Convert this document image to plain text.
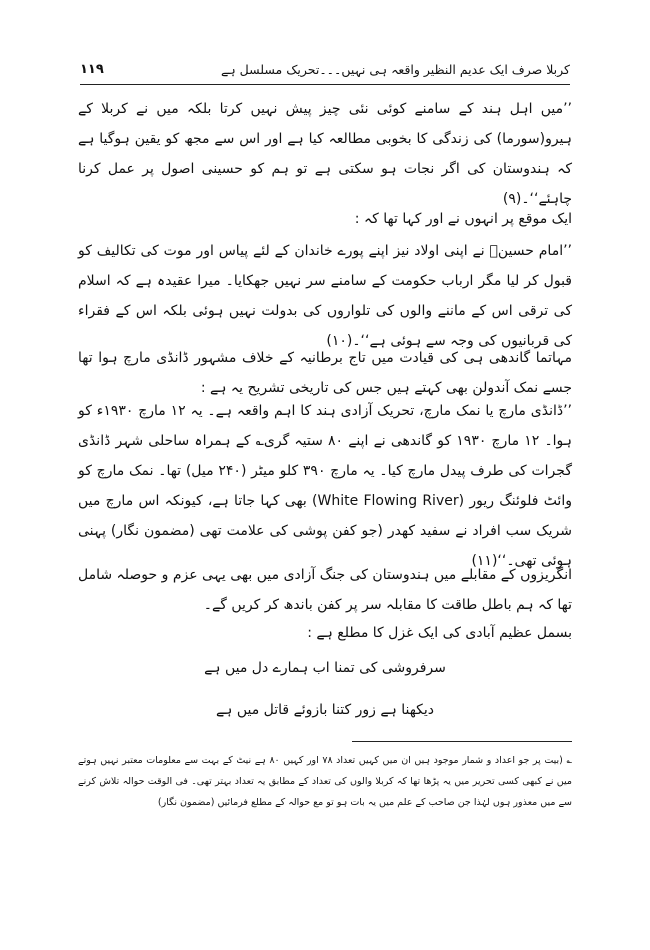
کربلا صرف ایک عدیم النظیر واقعہ ہی نہیں۔۔۔تحریک مسلسل ہے
۱۱۹

’’میں اہل ہند کے سامنے کوئی نئی چیز پیش نہیں کرتا بلکہ میں نے کربلا کے ہیرو(سورما) کی زندگی کا بخوبی مطالعہ کیا ہے اور اس سے مجھ کو یقین ہوگیا ہے کہ ہندوستان کی اگر نجات ہو سکتی ہے تو ہم کو حسینی اصول پر عمل کرنا چاہئے‘‘۔(۹)

ایک موقع پر انہوں نے اور کہا تھا کہ :

’’امام حسینؑ نے اپنی اولاد نیز اپنے پورے خاندان کے لئے پیاس اور موت کی تکالیف کو قبول کر لیا مگر ارباب حکومت کے سامنے سر نہیں جھکایا۔ میرا عقیدہ ہے کہ اسلام کی ترقی اس کے ماننے والوں کی تلواروں کی بدولت نہیں ہوئی بلکہ اس کے فقراء کی قربانیوں کی وجہ سے ہوئی ہے‘‘۔(۱۰)

مہاتما گاندھی ہی کی قیادت میں تاج برطانیہ کے خلاف مشہور ڈانڈی مارچ ہوا تھا جسے نمک آندولن بھی کہتے ہیں جس کی تاریخی تشریح یہ ہے :

’’ڈانڈی مارچ یا نمک مارچ، تحریک آزادی ہند کا اہم واقعہ ہے۔ یہ ۱۲ مارچ ۱۹۳۰ء کو ہوا۔ ۱۲ مارچ ۱۹۳۰ کو گاندھی نے اپنے ۸۰ ستیہ گری؎ کے ہمراہ ساحلی شہر ڈانڈی گجرات کی طرف پیدل مارچ کیا۔ یہ مارچ ۳۹۰ کلو میٹر (۲۴۰ میل) تھا۔ نمک مارچ کو وائٹ فلوئنگ ریور (White Flowing River) بھی کہا جاتا ہے، کیونکہ اس مارچ میں شریک سب افراد نے سفید کھدر (جو کفن پوشی کی علامت تھی (مضمون نگار) پہنی ہوئی تھی۔‘‘(۱۱)

انگریزوں کے مقابلے میں ہندوستان کی جنگ آزادی میں بھی یہی عزم و حوصلہ شامل تھا کہ ہم باطل طاقت کا مقابلہ سر پر کفن باندھ کر کریں گے۔

بسمل عظیم آبادی کی ایک غزل کا مطلع ہے :

سرفروشی کی تمنا اب ہمارے دل میں ہے
دیکھنا ہے زور کتنا بازوئے قاتل میں ہے

؎ (بیت پر جو اعداد و شمار موجود ہیں ان میں کہیں تعداد ۷۸ اور کہیں ۸۰ ہے نیٹ کے بہت سے معلومات معتبر نہیں ہوتے میں نے کبھی کسی تحریر میں یہ پڑھا تھا کہ کربلا والوں کی تعداد کے مطابق یہ تعداد بہتر تھی۔ فی الوقت حوالہ تلاش کرنے سے میں معذور ہوں لہٰذا جن صاحب کے علم میں یہ بات ہو تو مع حوالہ کے مطلع فرمائیں (مضمون نگار)
